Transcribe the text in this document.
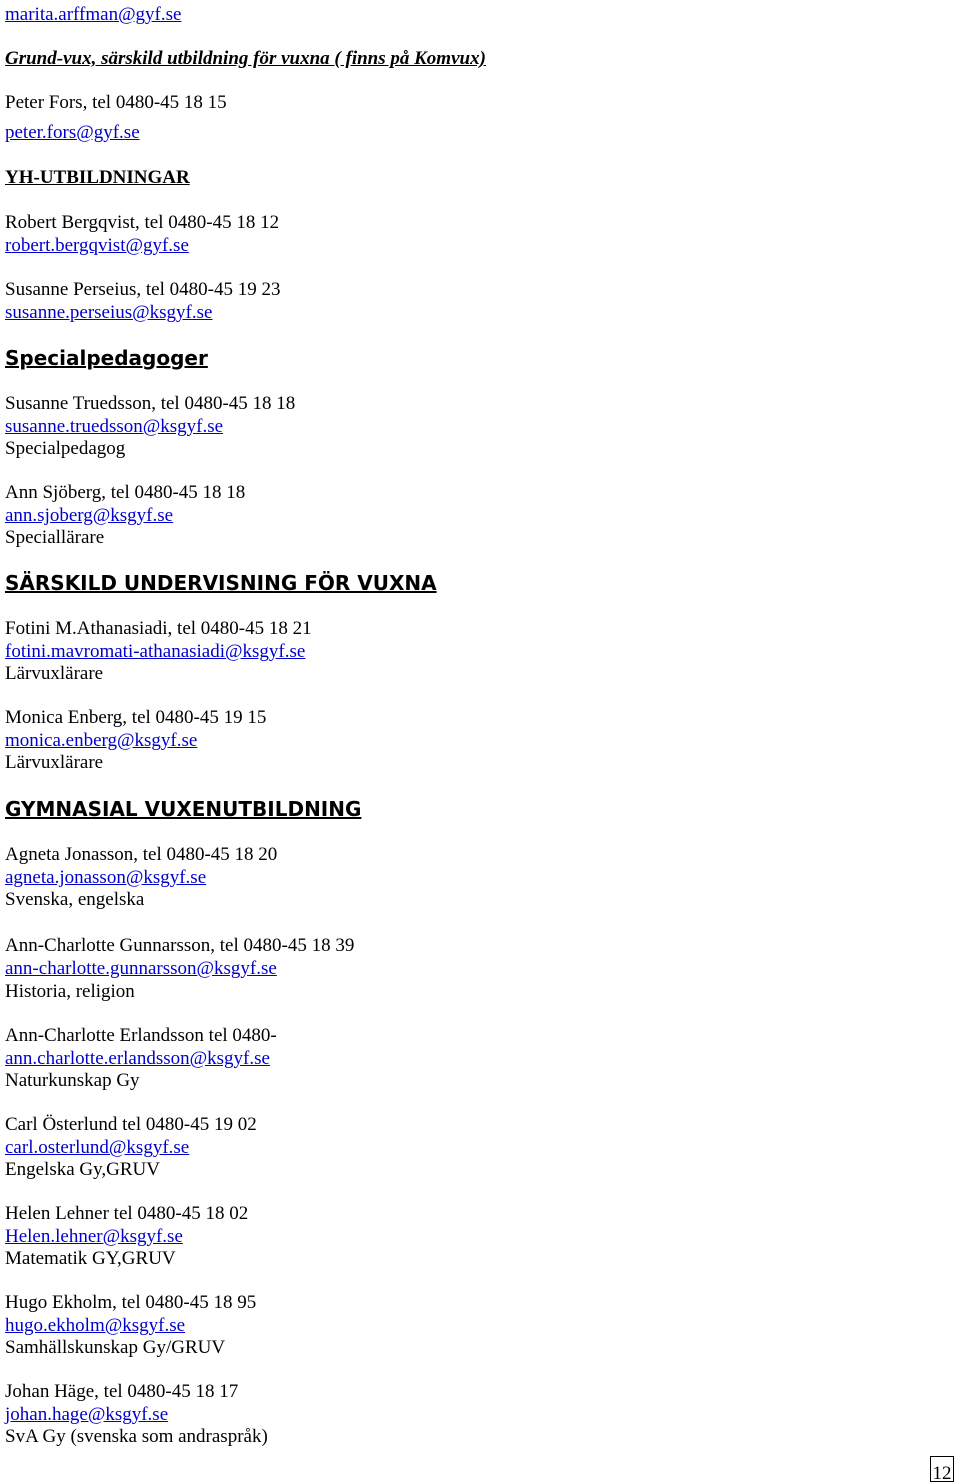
marita.arffman@gyf.se
Grund-vux, särskild utbildning för vuxna ( finns på Komvux)
Peter Fors, tel 0480-45 18 15
peter.fors@gyf.se
YH-UTBILDNINGAR
Robert Bergqvist, tel 0480-45 18 12
robert.bergqvist@gyf.se
Susanne Perseius, tel 0480-45 19 23
susanne.perseius@ksgyf.se
Specialpedagoger
Susanne Truedsson, tel 0480-45 18 18
susanne.truedsson@ksgyf.se
Specialpedagog
Ann Sjöberg, tel 0480-45 18 18
ann.sjoberg@ksgyf.se
Speciallärare
SÄRSKILD UNDERVISNING FÖR VUXNA
Fotini M.Athanasiadi, tel 0480-45 18 21
fotini.mavromati-athanasiadi@ksgyf.se
Lärvuxlärare
Monica Enberg, tel 0480-45 19 15
monica.enberg@ksgyf.se
Lärvuxlärare
GYMNASIAL VUXENUTBILDNING
Agneta Jonasson, tel 0480-45 18 20
agneta.jonasson@ksgyf.se
Svenska, engelska
Ann-Charlotte Gunnarsson, tel 0480-45 18 39
ann-charlotte.gunnarsson@ksgyf.se
Historia, religion
Ann-Charlotte Erlandsson tel 0480-
ann.charlotte.erlandsson@ksgyf.se
Naturkunskap Gy
Carl Österlund tel 0480-45 19 02
carl.osterlund@ksgyf.se
Engelska Gy,GRUV
Helen Lehner tel 0480-45 18 02
Helen.lehner@ksgyf.se
Matematik GY,GRUV
Hugo Ekholm, tel 0480-45 18 95
hugo.ekholm@ksgyf.se
Samhällskunskap Gy/GRUV
Johan Häge, tel 0480-45 18 17
johan.hage@ksgyf.se
SvA Gy (svenska som andraspråk)
12
